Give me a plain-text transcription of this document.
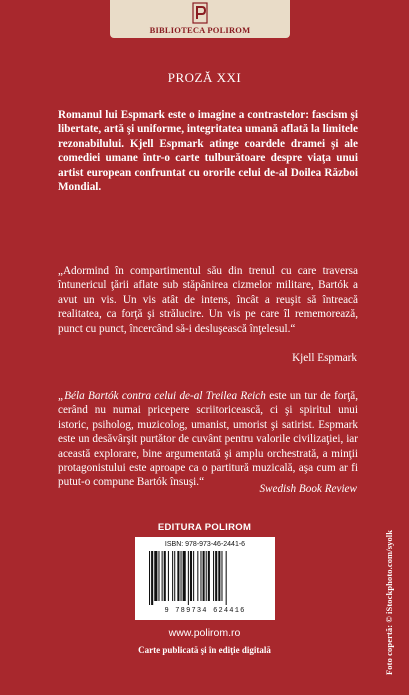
BIBLIOTECA POLIROM
PROZĂ XXI
Romanul lui Espmark este o imagine a contrastelor: fascism şi libertate, artă şi uniforme, integritatea umană aflată la limitele rezonabilului. Kjell Espmark atinge coardele dramei şi ale comediei umane într-o carte tulburătoare despre viaţa unui artist european confruntat cu ororile celui de-al Doilea Război Mondial.
„Adormind în compartimentul său din trenul cu care traversa întunericul ţării aflate sub stăpânirea cizmelor militare, Bartók a avut un vis. Un vis atât de intens, încât a reuşit să întreacă realitatea, ca forţă şi strălucire. Un vis pe care îl rememorează, punct cu punct, încercând să-i desluşească înţelesul.“
Kjell Espmark
„Béla Bartók contra celui de-al Treilea Reich este un tur de forţă, cerând nu numai pricepere scriitoricească, ci şi spiritul unui istoric, psiholog, muzicolog, umanist, umorist şi satirist. Espmark este un desăvârşit purtător de cuvânt pentru valorile civilizaţiei, iar această explorare, bine argumentată şi amplu orchestrată, a minţii protagonistului este aproape ca o partitură muzicală, aşa cum ar fi putut-o compune Bartók însuşi.“
Swedish Book Review
EDITURA POLIROM
ISBN: 978-973-46-2441-6
9 789734 624416
www.polirom.ro
Carte publicată şi în ediţie digitală	Foto copertă: © iStockphoto.com/syolk
